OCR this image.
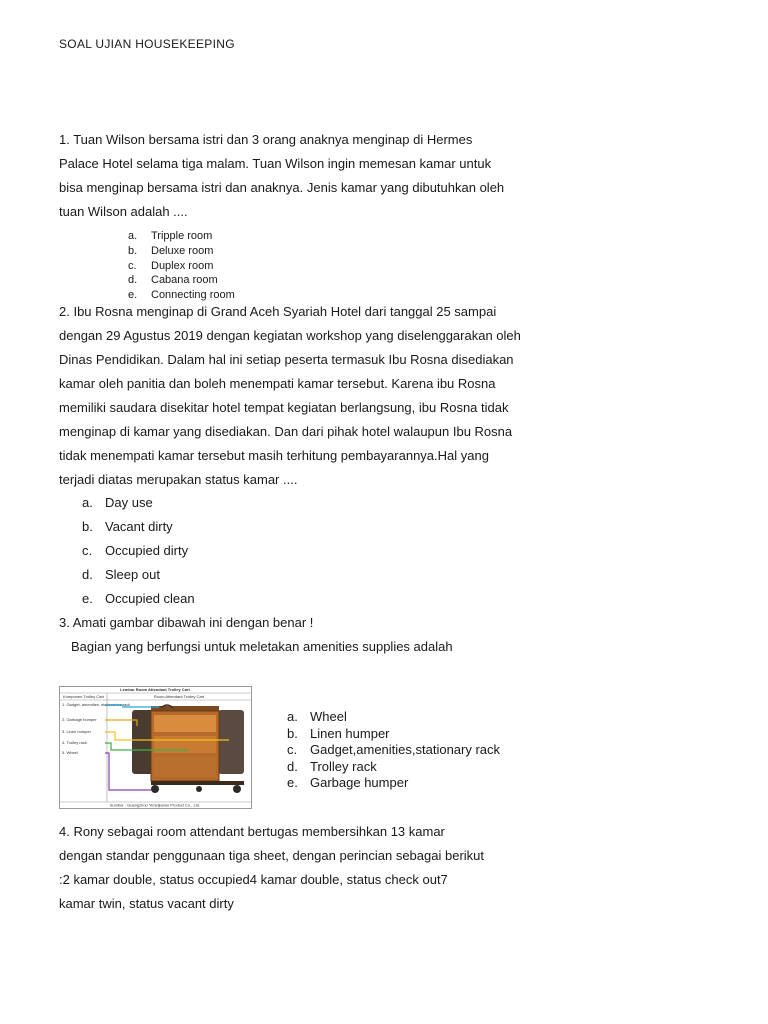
SOAL UJIAN HOUSEKEEPING
1. Tuan Wilson bersama istri dan 3 orang anaknya menginap di Hermes
Palace Hotel selama tiga malam. Tuan Wilson ingin memesan kamar untuk
bisa menginap bersama istri dan anaknya. Jenis kamar yang dibutuhkan oleh
tuan Wilson adalah ....
a.	Tripple room
b.	Deluxe room
c.	Duplex room
d.	Cabana room
e.	Connecting room
2. Ibu Rosna menginap di Grand Aceh Syariah Hotel dari tanggal 25 sampai
dengan 29 Agustus 2019 dengan kegiatan workshop yang diselenggarakan oleh
Dinas Pendidikan. Dalam hal ini setiap peserta termasuk Ibu Rosna disediakan
kamar oleh panitia dan boleh menempati kamar tersebut. Karena ibu Rosna
memiliki saudara disekitar hotel tempat kegiatan berlangsung, ibu Rosna tidak
menginap di kamar yang disediakan. Dan dari pihak hotel walaupun Ibu Rosna
tidak menempati kamar tersebut masih terhitung pembayarannya.Hal yang
terjadi diatas merupakan status kamar ....
a. Day use
b. Vacant dirty
c. Occupied dirty
d. Sleep out
e. Occupied clean
3. Amati gambar dibawah ini dengan benar !
Bagian yang berfungsi untuk meletakan amenities supplies adalah
Lembar Room Attendant Trolley Cart
Komponen Trolley Cart	Room Attendant Trolley Cart
Sumber : Guangzhou Yimeijiamei Product Co., Ltd.
1. Gadget, amenities, stationaries rack
2. Garbage humper
3. Linen humper
4. Trolley rack
5. Wheel
a. Wheel
b. Linen humper
c. Gadget,amenities,stationary rack
d. Trolley rack
e. Garbage humper
4. Rony sebagai room attendant bertugas membersihkan 13 kamar
dengan standar penggunaan tiga sheet, dengan perincian sebagai berikut
:2 kamar double, status occupied4 kamar double, status check out7
kamar twin, status vacant dirty
